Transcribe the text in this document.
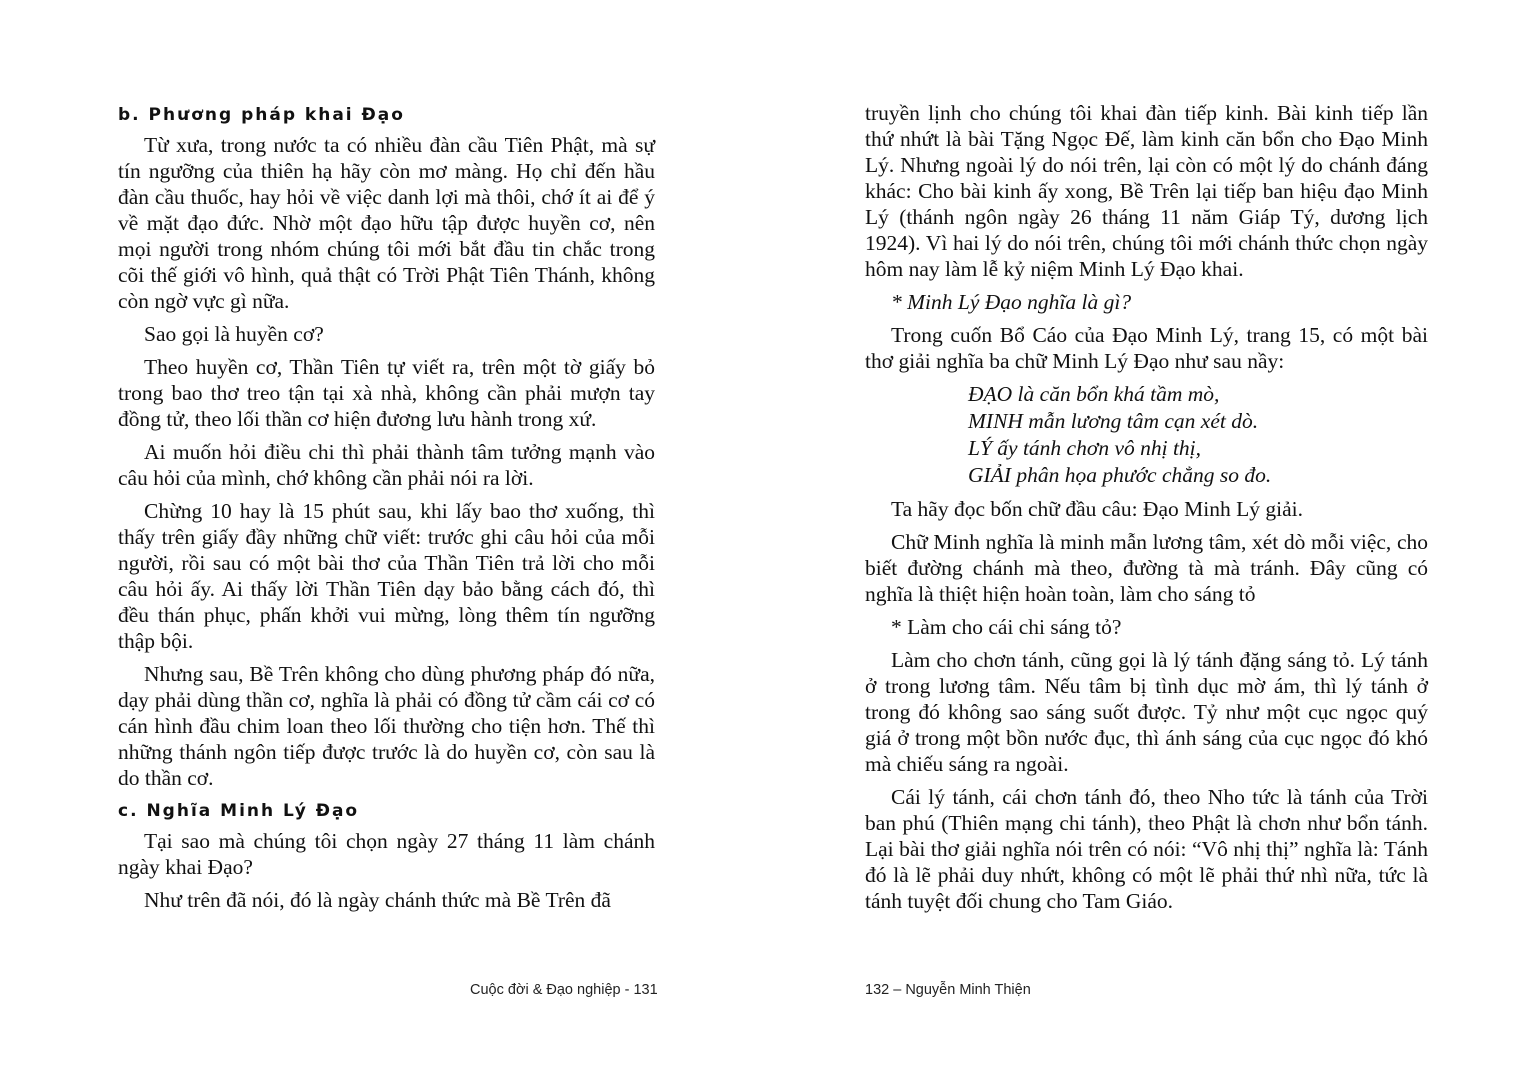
b. Phương pháp khai Đạo

Từ xưa, trong nước ta có nhiều đàn cầu Tiên Phật, mà sự tín ngưỡng của thiên hạ hãy còn mơ màng. Họ chỉ đến hầu đàn cầu thuốc, hay hỏi về việc danh lợi mà thôi, chớ ít ai để ý về mặt đạo đức. Nhờ một đạo hữu tập được huyền cơ, nên mọi người trong nhóm chúng tôi mới bắt đầu tin chắc trong cõi thế giới vô hình, quả thật có Trời Phật Tiên Thánh, không còn ngờ vực gì nữa.

Sao gọi là huyền cơ?

Theo huyền cơ, Thần Tiên tự viết ra, trên một tờ giấy bỏ trong bao thơ treo tận tại xà nhà, không cần phải mượn tay đồng tử, theo lối thần cơ hiện đương lưu hành trong xứ.

Ai muốn hỏi điều chi thì phải thành tâm tưởng mạnh vào câu hỏi của mình, chớ không cần phải nói ra lời.

Chừng 10 hay là 15 phút sau, khi lấy bao thơ xuống, thì thấy trên giấy đầy những chữ viết: trước ghi câu hỏi của mỗi người, rồi sau có một bài thơ của Thần Tiên trả lời cho mỗi câu hỏi ấy. Ai thấy lời Thần Tiên dạy bảo bằng cách đó, thì đều thán phục, phấn khởi vui mừng, lòng thêm tín ngưỡng thập bội.

Nhưng sau, Bề Trên không cho dùng phương pháp đó nữa, dạy phải dùng thần cơ, nghĩa là phải có đồng tử cầm cái cơ có cán hình đầu chim loan theo lối thường cho tiện hơn. Thế thì những thánh ngôn tiếp được trước là do huyền cơ, còn sau là do thần cơ.

c. Nghĩa Minh Lý Đạo

Tại sao mà chúng tôi chọn ngày 27 tháng 11 làm chánh ngày khai Đạo?

Như trên đã nói, đó là ngày chánh thức mà Bề Trên đã

truyền lịnh cho chúng tôi khai đàn tiếp kinh. Bài kinh tiếp lần thứ nhứt là bài Tặng Ngọc Đế, làm kinh căn bổn cho Đạo Minh Lý. Nhưng ngoài lý do nói trên, lại còn có một lý do chánh đáng khác: Cho bài kinh ấy xong, Bề Trên lại tiếp ban hiệu đạo Minh Lý (thánh ngôn ngày 26 tháng 11 năm Giáp Tý, dương lịch 1924). Vì hai lý do nói trên, chúng tôi mới chánh thức chọn ngày hôm nay làm lễ kỷ niệm Minh Lý Đạo khai.

* Minh Lý Đạo nghĩa là gì?

Trong cuốn Bổ Cáo của Đạo Minh Lý, trang 15, có một bài thơ giải nghĩa ba chữ Minh Lý Đạo như sau nầy:

ĐẠO là căn bổn khá tầm mò,
MINH mẫn lương tâm cạn xét dò.
LÝ ấy tánh chơn vô nhị thị,
GIẢI phân họa phước chẳng so đo.

Ta hãy đọc bốn chữ đầu câu: Đạo Minh Lý giải.

Chữ Minh nghĩa là minh mẫn lương tâm, xét dò mỗi việc, cho biết đường chánh mà theo, đường tà mà tránh. Đây cũng có nghĩa là thiệt hiện hoàn toàn, làm cho sáng tỏ

* Làm cho cái chi sáng tỏ?

Làm cho chơn tánh, cũng gọi là lý tánh đặng sáng tỏ. Lý tánh ở trong lương tâm. Nếu tâm bị tình dục mờ ám, thì lý tánh ở trong đó không sao sáng suốt được. Tỷ như một cục ngọc quý giá ở trong một bồn nước đục, thì ánh sáng của cục ngọc đó khó mà chiếu sáng ra ngoài.

Cái lý tánh, cái chơn tánh đó, theo Nho tức là tánh của Trời ban phú (Thiên mạng chi tánh), theo Phật là chơn như bổn tánh. Lại bài thơ giải nghĩa nói trên có nói: “Vô nhị thị” nghĩa là: Tánh đó là lẽ phải duy nhứt, không có một lẽ phải thứ nhì nữa, tức là tánh tuyệt đối chung cho Tam Giáo.

Cuộc đời & Đạo nghiệp - 131	132 – Nguyễn Minh Thiện
